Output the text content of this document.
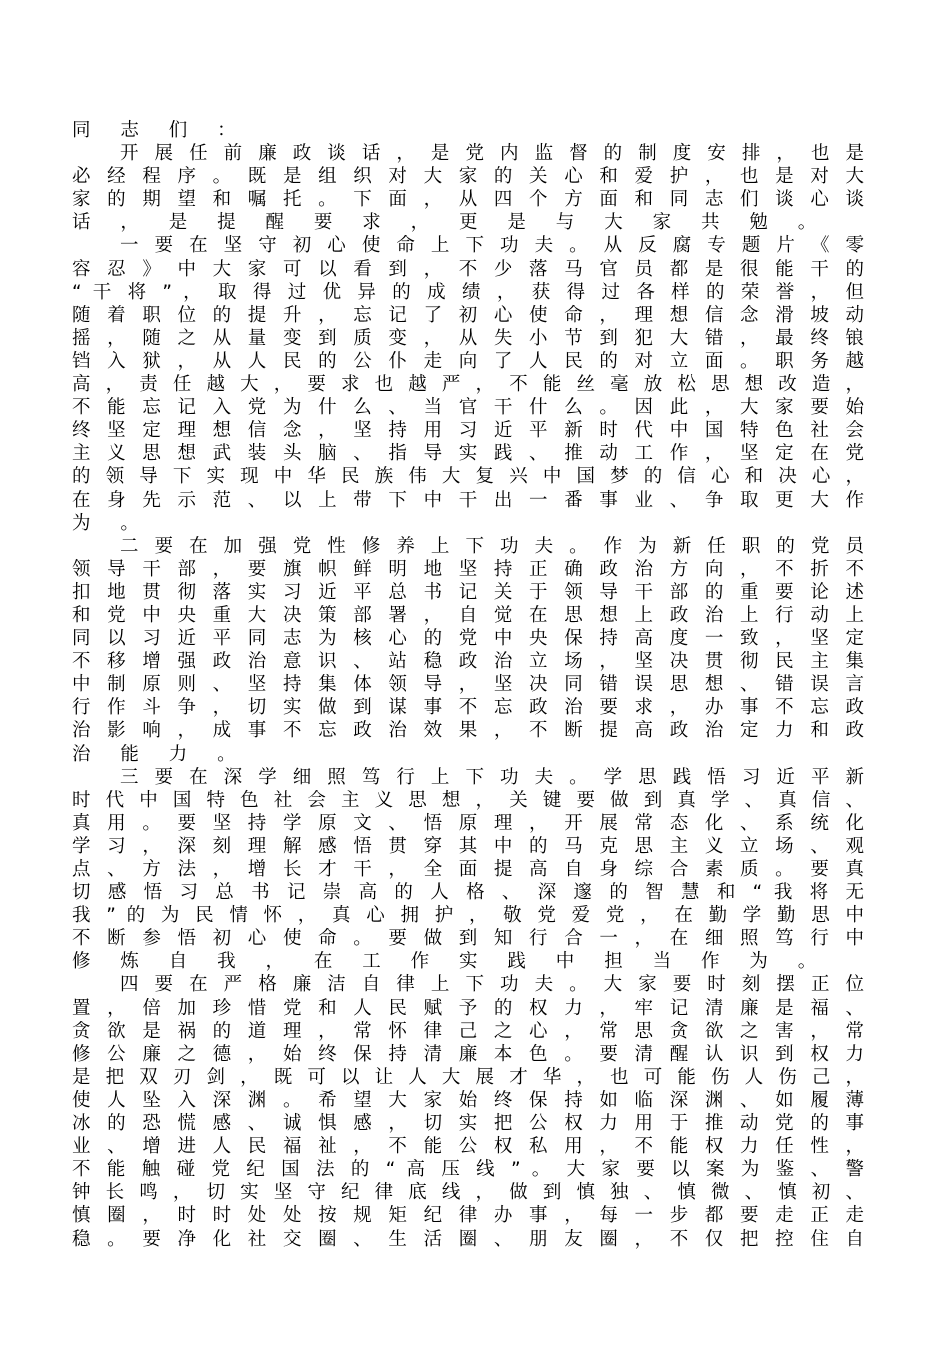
同 志 们 ：
开 展 任 前 廉 政 谈 话 ， 是 党 内 监 督 的 制 度 安 排 ， 也 是
必 经 程 序 。 既 是 组 织 对 大 家 的 关 心 和 爱 护 ， 也 是 对 大
家 的 期 望 和 嘱 托 。 下 面 ， 从 四 个 方 面 和 同 志 们 谈 心 谈
话 ， 是 提 醒 要 求 ， 更 是 与 大 家 共 勉 。
一 要 在 坚 守 初 心 使 命 上 下 功 夫 。 从 反 腐 专 题 片 《 零
容 忍 》 中 大 家 可 以 看 到 ， 不 少 落 马 官 员 都 是 很 能 干 的
“ 干 将 ” ， 取 得 过 优 异 的 成 绩 ， 获 得 过 各 样 的 荣 誉 ， 但
随 着 职 位 的 提 升 ， 忘 记 了 初 心 使 命 ， 理 想 信 念 滑 坡 动
摇 ， 随 之 从 量 变 到 质 变 ， 从 失 小 节 到 犯 大 错 ， 最 终 锒
铛 入 狱 ， 从 人 民 的 公 仆 走 向 了 人 民 的 对 立 面 。 职 务 越
高 ， 责 任 越 大 ， 要 求 也 越 严 ， 不 能 丝 毫 放 松 思 想 改 造 ，
不 能 忘 记 入 党 为 什 么 、 当 官 干 什 么 。 因 此 ， 大 家 要 始
终 坚 定 理 想 信 念 ， 坚 持 用 习 近 平 新 时 代 中 国 特 色 社 会
主 义 思 想 武 装 头 脑 、 指 导 实 践 、 推 动 工 作 ， 坚 定 在 党
的 领 导 下 实 现 中 华 民 族 伟 大 复 兴 中 国 梦 的 信 心 和 决 心 ，
在 身 先 示 范 、 以 上 带 下 中 干 出 一 番 事 业 、 争 取 更 大 作
为 。
二 要 在 加 强 党 性 修 养 上 下 功 夫 。 作 为 新 任 职 的 党 员
领 导 干 部 ， 要 旗 帜 鲜 明 地 坚 持 正 确 政 治 方 向 ， 不 折 不
扣 地 贯 彻 落 实 习 近 平 总 书 记 关 于 领 导 干 部 的 重 要 论 述
和 党 中 央 重 大 决 策 部 署 ， 自 觉 在 思 想 上 政 治 上 行 动 上
同 以 习 近 平 同 志 为 核 心 的 党 中 央 保 持 高 度 一 致 ， 坚 定
不 移 增 强 政 治 意 识 、 站 稳 政 治 立 场 ， 坚 决 贯 彻 民 主 集
中 制 原 则 、 坚 持 集 体 领 导 ， 坚 决 同 错 误 思 想 、 错 误 言
行 作 斗 争 ， 切 实 做 到 谋 事 不 忘 政 治 要 求 ， 办 事 不 忘 政
治 影 响 ， 成 事 不 忘 政 治 效 果 ， 不 断 提 高 政 治 定 力 和 政
治 能 力 。
三 要 在 深 学 细 照 笃 行 上 下 功 夫 。 学 思 践 悟 习 近 平 新
时 代 中 国 特 色 社 会 主 义 思 想 ， 关 键 要 做 到 真 学 、 真 信 、
真 用 。 要 坚 持 学 原 文 、 悟 原 理 ， 开 展 常 态 化 、 系 统 化
学 习 ， 深 刻 理 解 感 悟 贯 穿 其 中 的 马 克 思 主 义 立 场 、 观
点 、 方 法 ， 增 长 才 干 ， 全 面 提 高 自 身 综 合 素 质 。 要 真
切 感 悟 习 总 书 记 崇 高 的 人 格 、 深 邃 的 智 慧 和 “ 我 将 无
我 ” 的 为 民 情 怀 ， 真 心 拥 护 ， 敬 党 爱 党 ， 在 勤 学 勤 思 中
不 断 参 悟 初 心 使 命 。 要 做 到 知 行 合 一 ， 在 细 照 笃 行 中
修 炼 自 我 ， 在 工 作 实 践 中 担 当 作 为 。
四 要 在 严 格 廉 洁 自 律 上 下 功 夫 。 大 家 要 时 刻 摆 正 位
置 ， 倍 加 珍 惜 党 和 人 民 赋 予 的 权 力 ， 牢 记 清 廉 是 福 、
贪 欲 是 祸 的 道 理 ， 常 怀 律 己 之 心 ， 常 思 贪 欲 之 害 ， 常
修 公 廉 之 德 ， 始 终 保 持 清 廉 本 色 。 要 清 醒 认 识 到 权 力
是 把 双 刃 剑 ， 既 可 以 让 人 大 展 才 华 ， 也 可 能 伤 人 伤 己 ，
使 人 坠 入 深 渊 。 希 望 大 家 始 终 保 持 如 临 深 渊 、 如 履 薄
冰 的 恐 慌 感 、 诚 惧 感 ， 切 实 把 公 权 力 用 于 推 动 党 的 事
业 、 增 进 人 民 福 祉 ， 不 能 公 权 私 用 ， 不 能 权 力 任 性 ，
不 能 触 碰 党 纪 国 法 的 “ 高 压 线 ” 。 大 家 要 以 案 为 鉴 、 警
钟 长 鸣 ， 切 实 坚 守 纪 律 底 线 ， 做 到 慎 独 、 慎 微 、 慎 初 、
慎 圈 ， 时 时 处 处 按 规 矩 纪 律 办 事 ， 每 一 步 都 要 走 正 走
稳 。 要 净 化 社 交 圈 、 生 活 圈 、 朋 友 圈 ， 不 仅 把 控 住 自
